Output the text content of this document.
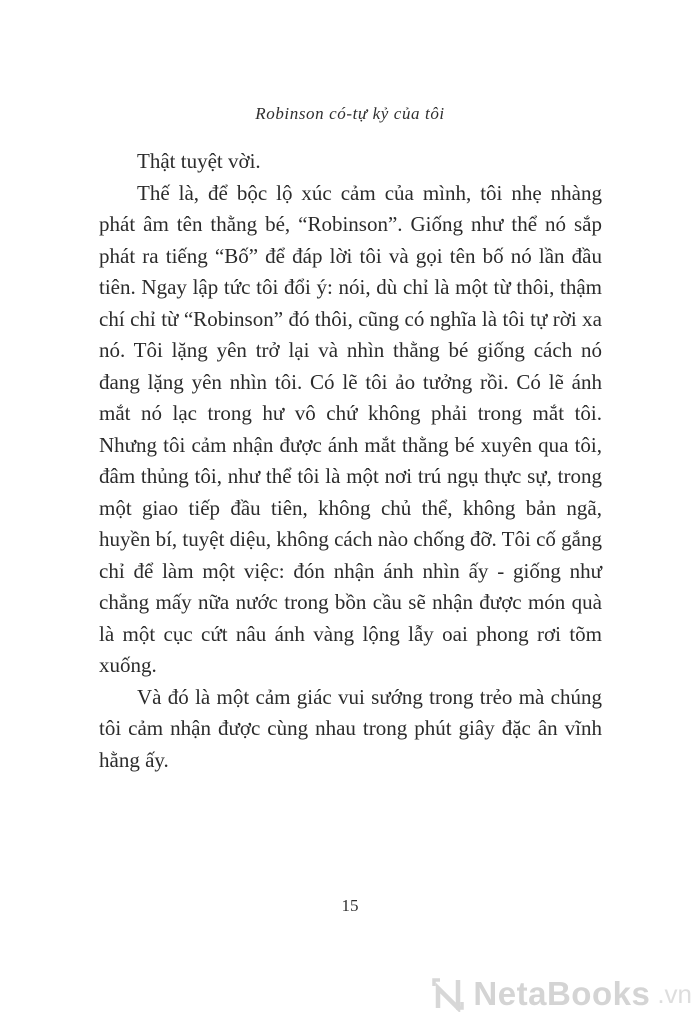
Robinson có-tự kỷ của tôi

Thật tuyệt vời.

Thế là, để bộc lộ xúc cảm của mình, tôi nhẹ nhàng phát âm tên thằng bé, “Robinson”. Giống như thể nó sắp phát ra tiếng “Bố” để đáp lời tôi và gọi tên bố nó lần đầu tiên. Ngay lập tức tôi đổi ý: nói, dù chỉ là một từ thôi, thậm chí chỉ từ “Robinson” đó thôi, cũng có nghĩa là tôi tự rời xa nó. Tôi lặng yên trở lại và nhìn thằng bé giống cách nó đang lặng yên nhìn tôi. Có lẽ tôi ảo tưởng rồi. Có lẽ ánh mắt nó lạc trong hư vô chứ không phải trong mắt tôi. Nhưng tôi cảm nhận được ánh mắt thằng bé xuyên qua tôi, đâm thủng tôi, như thể tôi là một nơi trú ngụ thực sự, trong một giao tiếp đầu tiên, không chủ thể, không bản ngã, huyền bí, tuyệt diệu, không cách nào chống đỡ. Tôi cố gắng chỉ để làm một việc: đón nhận ánh nhìn ấy - giống như chẳng mấy nữa nước trong bồn cầu sẽ nhận được món quà là một cục cứt nâu ánh vàng lộng lẫy oai phong rơi tõm xuống.

Và đó là một cảm giác vui sướng trong trẻo mà chúng tôi cảm nhận được cùng nhau trong phút giây đặc ân vĩnh hằng ấy.

15
NetaBooks .vn
